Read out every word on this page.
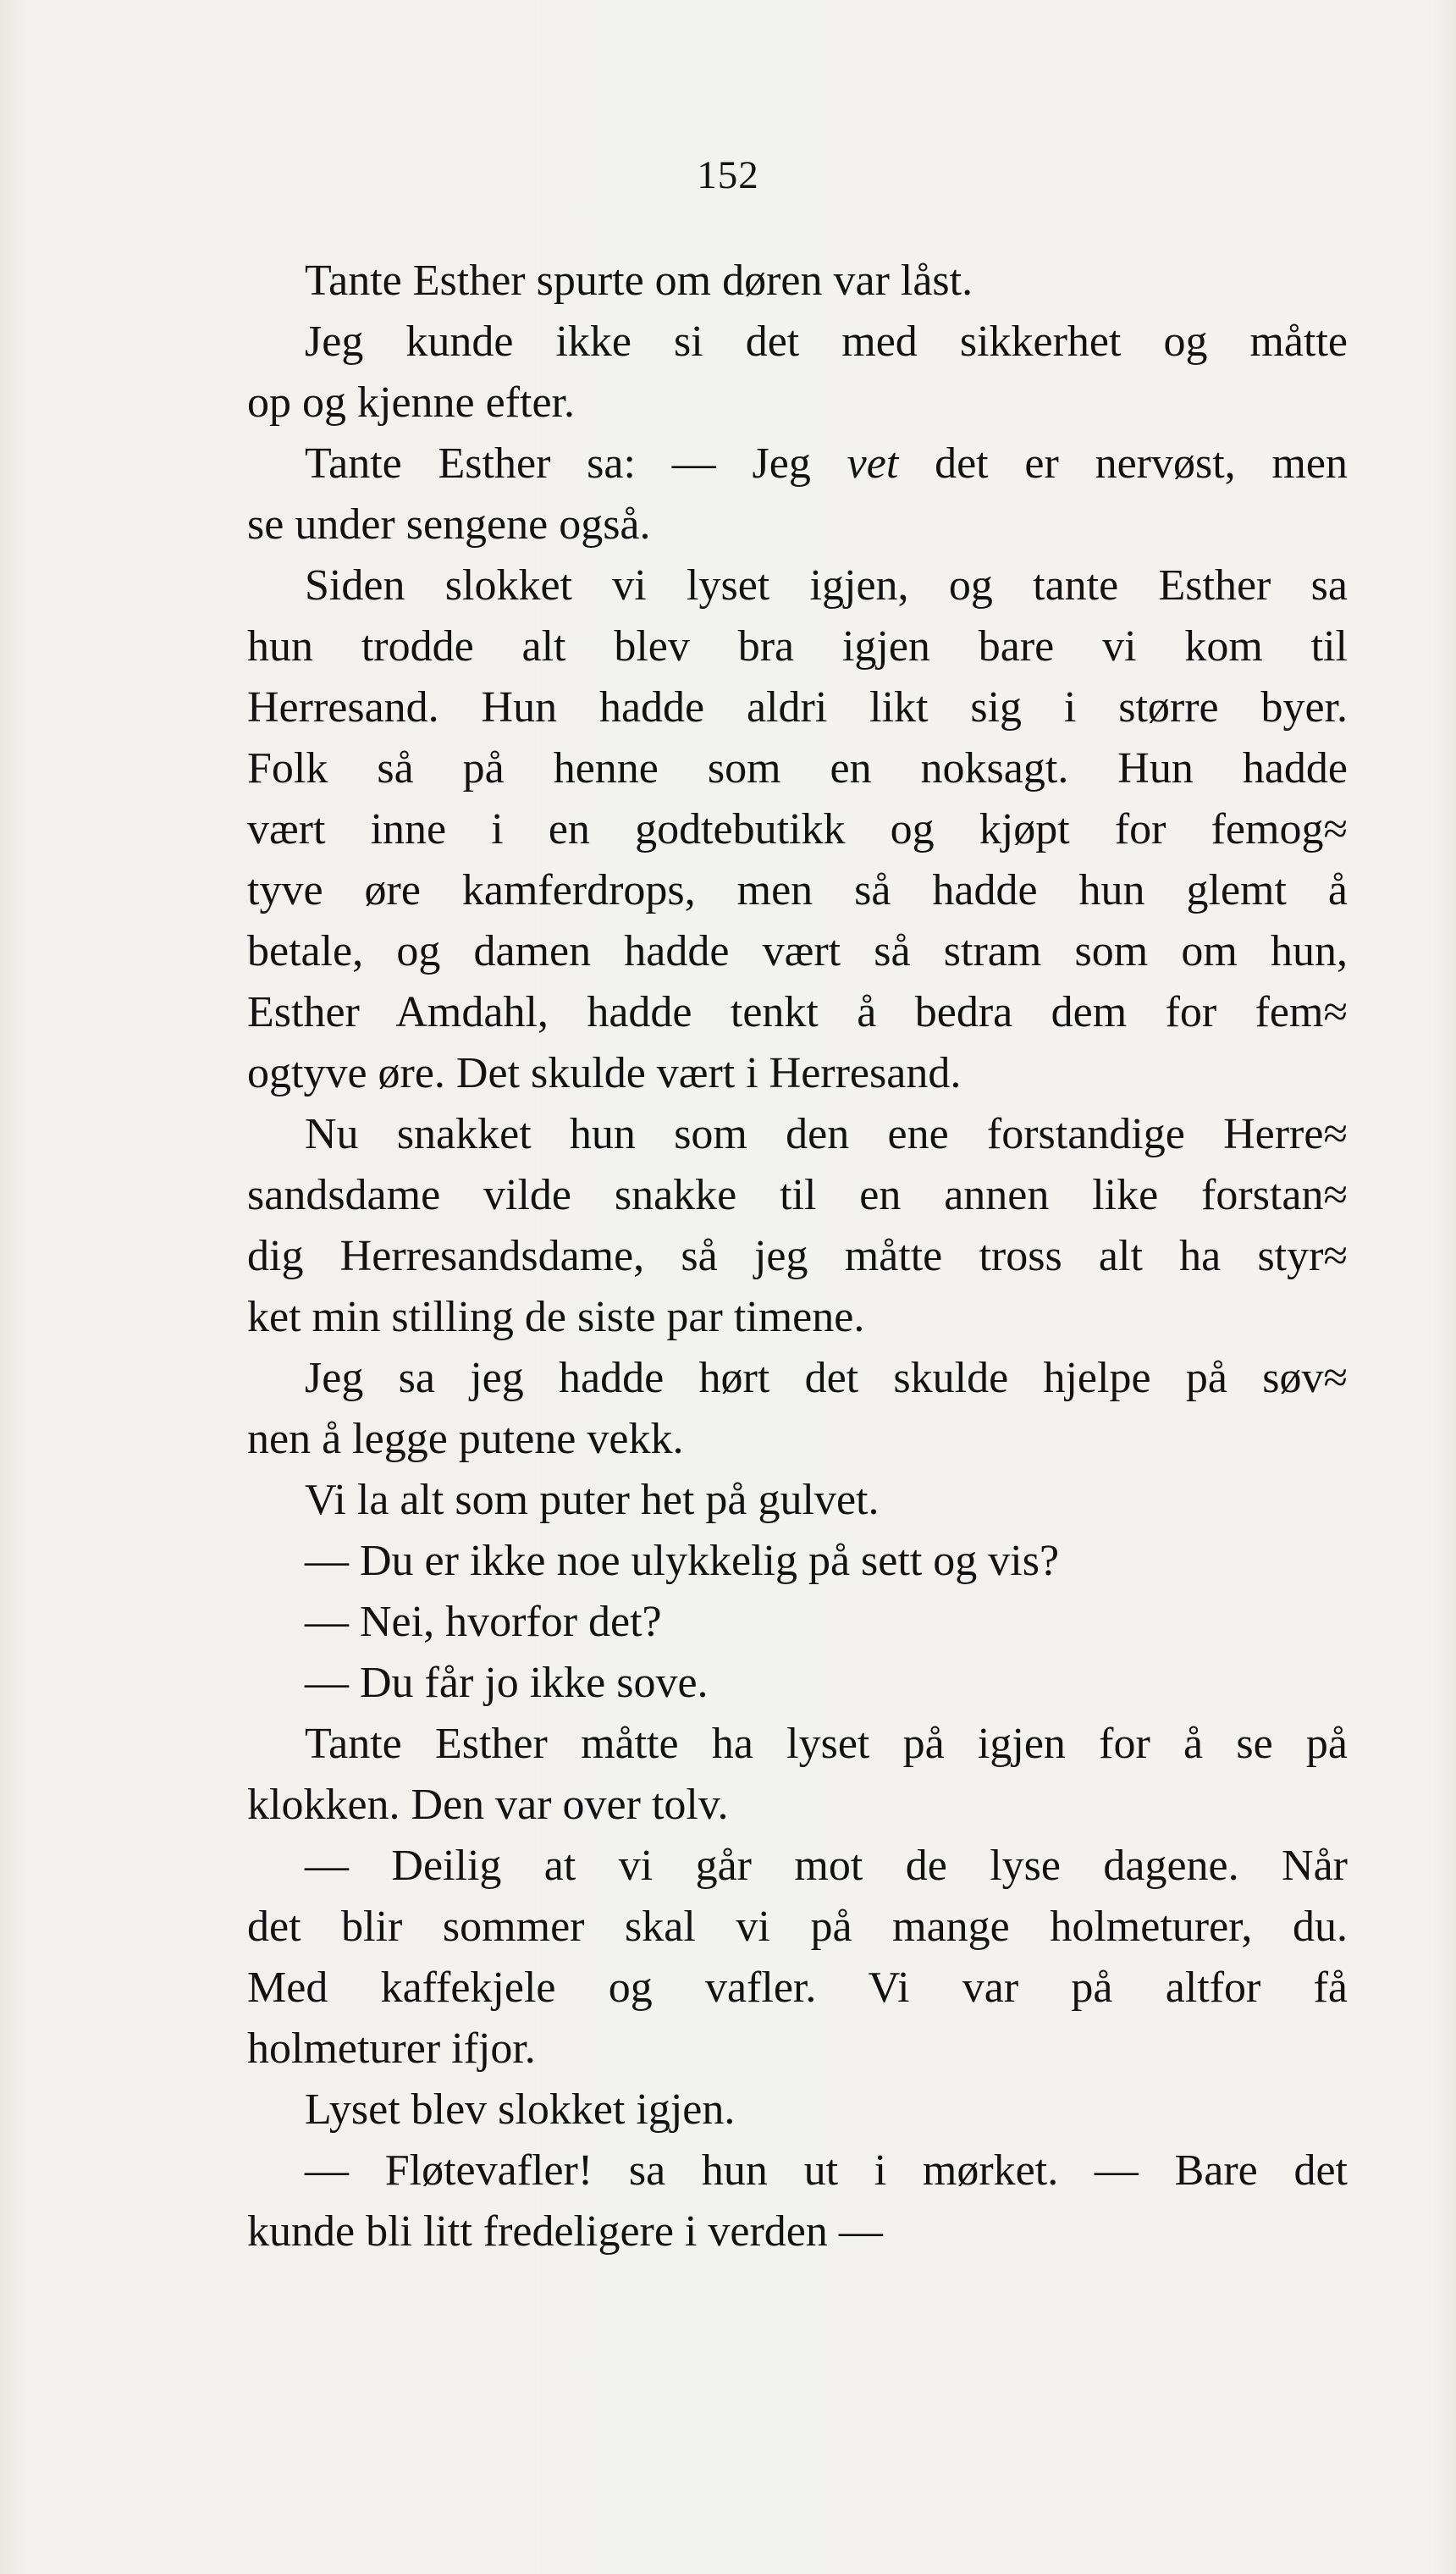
152
Tante Esther spurte om døren var låst.
Jeg kunde ikke si det med sikkerhet og måtte
op og kjenne efter.
Tante Esther sa: — Jeg vet det er nervøst, men
se under sengene også.
Siden slokket vi lyset igjen, og tante Esther sa
hun trodde alt blev bra igjen bare vi kom til
Herresand. Hun hadde aldri likt sig i større byer.
Folk så på henne som en noksagt. Hun hadde
vært inne i en godtebutikk og kjøpt for femog≈
tyve øre kamferdrops, men så hadde hun glemt å
betale, og damen hadde vært så stram som om hun,
Esther Amdahl, hadde tenkt å bedra dem for fem≈
ogtyve øre. Det skulde vært i Herresand.
Nu snakket hun som den ene forstandige Herre≈
sandsdame vilde snakke til en annen like forstan≈
dig Herresandsdame, så jeg måtte tross alt ha styr≈
ket min stilling de siste par timene.
Jeg sa jeg hadde hørt det skulde hjelpe på søv≈
nen å legge putene vekk.
Vi la alt som puter het på gulvet.
— Du er ikke noe ulykkelig på sett og vis?
— Nei, hvorfor det?
— Du får jo ikke sove.
Tante Esther måtte ha lyset på igjen for å se på
klokken. Den var over tolv.
— Deilig at vi går mot de lyse dagene. Når
det blir sommer skal vi på mange holmeturer, du.
Med kaffekjele og vafler. Vi var på altfor få
holmeturer ifjor.
Lyset blev slokket igjen.
— Fløtevafler! sa hun ut i mørket. — Bare det
kunde bli litt fredeligere i verden —
